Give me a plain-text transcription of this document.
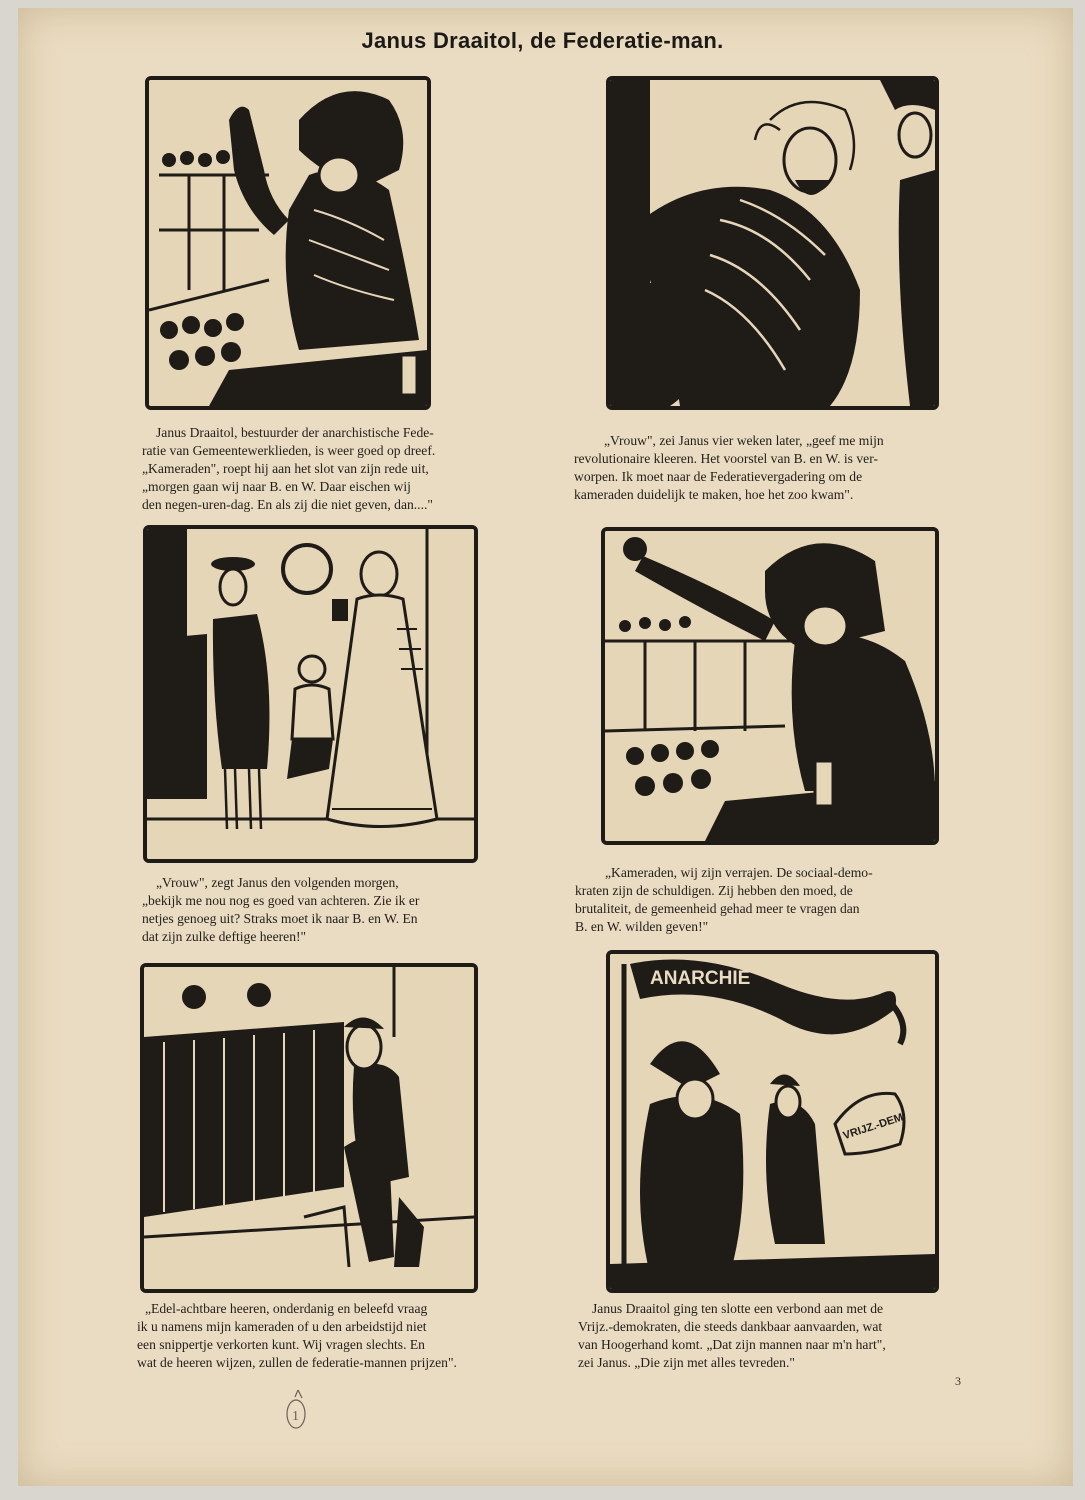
Janus Draaitol, de Federatie-man.
ANARCHIE
VRIJZ.-DEM
Janus Draaitol, bestuurder der anarchistische Fede-
ratie van Gemeentewerklieden, is weer goed op dreef.
„Kameraden", roept hij aan het slot van zijn rede uit,
„morgen gaan wij naar B. en W. Daar eischen wij
den negen-uren-dag. En als zij die niet geven, dan...."
„Vrouw", zei Janus vier weken later, „geef me mijn
revolutionaire kleeren. Het voorstel van B. en W. is ver-
worpen. Ik moet naar de Federatievergadering om de
kameraden duidelijk te maken, hoe het zoo kwam".
„Vrouw", zegt Janus den volgenden morgen,
„bekijk me nou nog es goed van achteren. Zie ik er
netjes genoeg uit? Straks moet ik naar B. en W. En
dat zijn zulke deftige heeren!"
„Kameraden, wij zijn verrajen. De sociaal-demo-
kraten zijn de schuldigen. Zij hebben den moed, de
brutaliteit, de gemeenheid gehad meer te vragen dan
B. en W. wilden geven!"
„Edel-achtbare heeren, onderdanig en beleefd vraag
ik u namens mijn kameraden of u den arbeidstijd niet
een snippertje verkorten kunt. Wij vragen slechts. En
wat de heeren wijzen, zullen de federatie-mannen prijzen".
Janus Draaitol ging ten slotte een verbond aan met de
Vrijz.-demokraten, die steeds dankbaar aanvaarden, wat
van Hoogerhand komt. „Dat zijn mannen naar m'n hart",
zei Janus. „Die zijn met alles tevreden."
3
1
